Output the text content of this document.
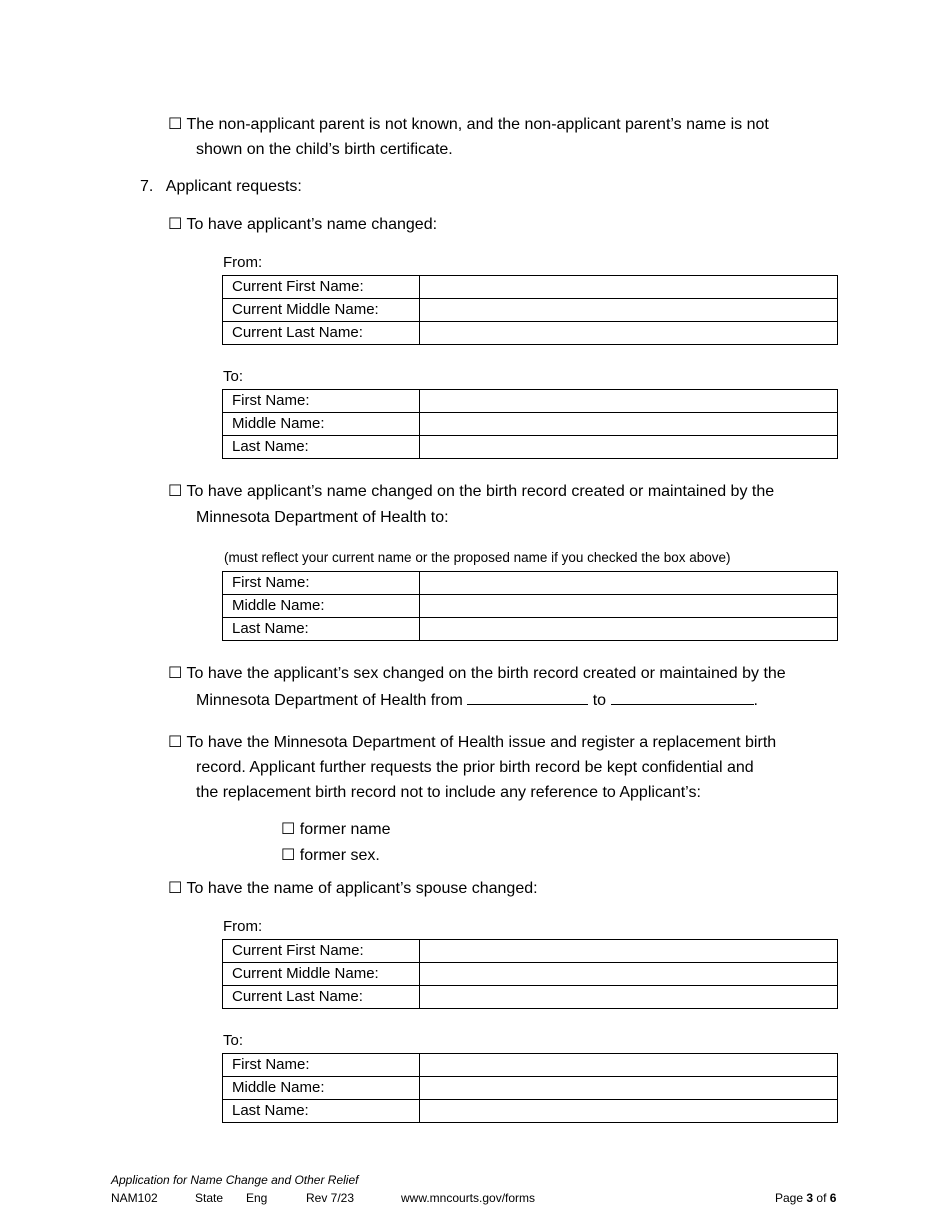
☐ The non-applicant parent is not known, and the non-applicant parent’s name is not
shown on the child’s birth certificate.
7. Applicant requests:
☐ To have applicant’s name changed:
From:
Current First Name:	
Current Middle Name:	
Current Last Name:	
To:
First Name:	
Middle Name:	
Last Name:	
☐ To have applicant’s name changed on the birth record created or maintained by the
Minnesota Department of Health to:
(must reflect your current name or the proposed name if you checked the box above)
First Name:	
Middle Name:	
Last Name:	
☐ To have the applicant’s sex changed on the birth record created or maintained by the
Minnesota Department of Health from	to	.
☐ To have the Minnesota Department of Health issue and register a replacement birth
record. Applicant further requests the prior birth record be kept confidential and
the replacement birth record not to include any reference to Applicant’s:
☐ former name
☐ former sex.
☐ To have the name of applicant’s spouse changed:
From:
Current First Name:	
Current Middle Name:	
Current Last Name:	
To:
First Name:	
Middle Name:	
Last Name:	
Application for Name Change and Other Relief
NAM102	State Eng	Rev 7/23	www.mncourts.gov/forms	Page 3 of 6
